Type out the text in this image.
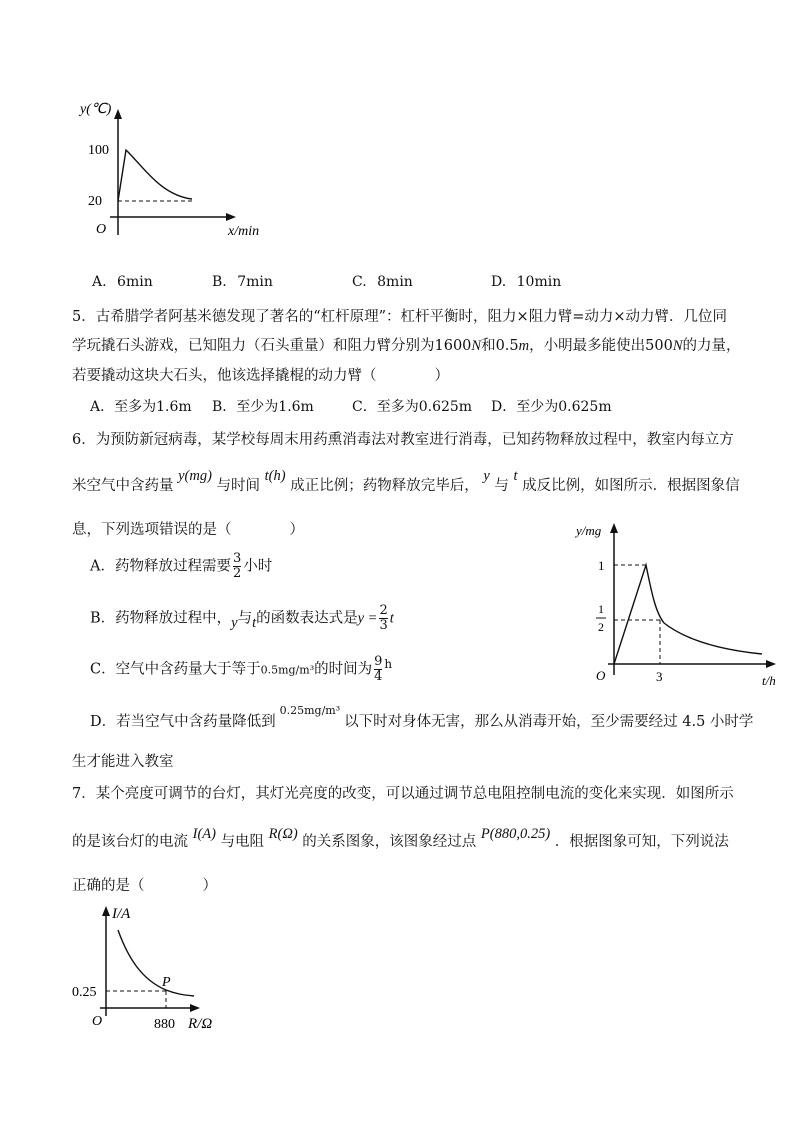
y(℃)
100
20
O	x/min
A. 6min	B. 7min	C. 8min	D. 10min
5．古希腊学者阿基米德发现了著名的“杠杆原理”：杠杆平衡时，阻力×阻力臂=动力×动力臂．几位同
学玩撬石头游戏，已知阻力（石头重量）和阻力臂分别为1600N和0.5m，小明最多能使出500N的力量，
若要撬动这块大石头，他该选择撬棍的动力臂（　　　　）
A．至多为1.6m B．至少为1.6m	C．至多为0.625m D．至少为0.625m
6．为预防新冠病毒，某学校每周末用药熏消毒法对教室进行消毒，已知药物释放过程中，教室内每立方
米空气中含药量 y(mg) 与时间 t(h) 成正比例；药物释放完毕后， y 与 t 成反比例，如图所示．根据图象信
息，下列选项错误的是（　　　　）
A．药物释放过程需要 $\frac{3}{2}$ 小时
B．药物释放过程中，y与t的函数表达式是$y = \frac{2}{3}$ t
C．空气中含药量大于等于0.5mg/m³的时间为 $\frac{9}{4} ^h$
D．若当空气中含药量降低到$^{0.25mg/m^3}$以下时对身体无害，那么从消毒开始，至少需要经过 4.5 小时学
生才能进入教室
y/mg
1
1
2
O	3	t/h
7．某个亮度可调节的台灯，其灯光亮度的改变，可以通过调节总电阻控制电流的变化来实现．如图所示
的是该台灯的电流 I(A) 与电阻 R(Ω) 的关系图象，该图象经过点 P(880,0.25) ．根据图象可知，下列说法
正确的是（　　　　）
I/A
0.25
P
O	880 R/Ω
